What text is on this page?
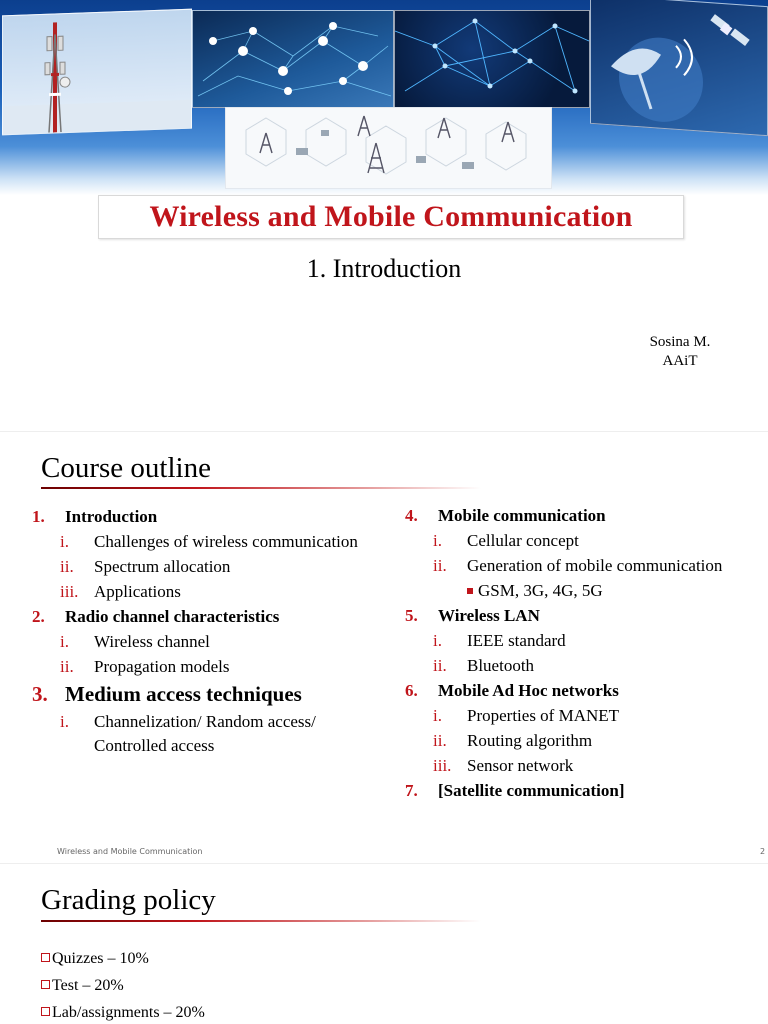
Wireless and Mobile Communication
1. Introduction
Sosina M.
AAiT
Course outline
1. Introduction
i. Challenges of wireless communication
ii. Spectrum allocation
iii. Applications
2. Radio channel characteristics
i. Wireless channel
ii. Propagation models
3. Medium access techniques
i. Channelization/ Random access/
Controlled access
4. Mobile communication
i. Cellular concept
ii. Generation of mobile communication
GSM, 3G, 4G, 5G
5. Wireless LAN
i. IEEE standard
ii. Bluetooth
6. Mobile Ad Hoc networks
i. Properties of MANET
ii. Routing algorithm
iii. Sensor network
7. [Satellite communication]
Wireless and Mobile Communication	2
Grading policy
Quizzes – 10%
Test – 20%
Lab/assignments – 20%
